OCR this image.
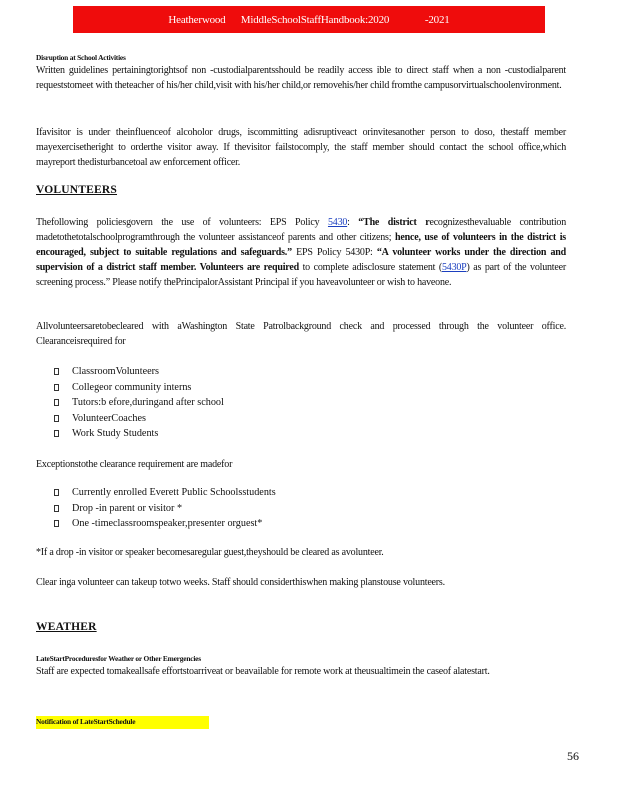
Heatherwood
MiddleSchoolStaffHandbook:2020
	-2021
Disruption at School Activities

Written guidelines pertainingtorightsof non -custodialparentsshould be readily access ible to direct staff when a non -custodialparent requeststomeet with theteacher of his/her child,visit with his/her child,or removehis/her child fromthe campusorvirtualschoolenvironment.

Ifavisitor is under theinfluenceof alcoholor drugs, iscommitting adisruptiveact orinvitesanother person to doso, thestaff member mayexercisetheright to orderthe visitor away. If thevisitor failstocomply, the staff member should contact the school office,which mayreport thedisturbancetoal aw enforcement officer.

VOLUNTEERS

Thefollowing policiesgovern the use of volunteers: EPS Policy 5430: “The district recognizesthevaluable contribution madetothetotalschoolprogramthrough the volunteer assistanceof parents and other citizens; hence, use of volunteers in the district is encouraged, subject to suitable regulations and safeguards.” EPS Policy 5430P: “A volunteer works under the direction and supervision of a district staff member. Volunteers are required to complete adisclosure statement (5430P) as part of the volunteer screening process.” Please notify thePrincipalorAssistant Principal if you haveavolunteer or wish to haveone.

Allvolunteersaretobecleared with aWashington State Patrolbackground check and processed through the volunteer office. Clearanceisrequired for

ClassroomVolunteers
Collegeor community interns
Tutors:b efore,duringand after school
VolunteerCoaches
Work Study Students

Exceptionstothe clearance requirement are madefor

Currently enrolled Everett Public Schoolsstudents
Drop -in parent or visitor *
One -timeclassroomspeaker,presenter orguest*

*If a drop -in visitor or speaker becomesaregular guest,theyshould be cleared as avolunteer.

Clear inga volunteer can takeup totwo weeks. Staff should considerthiswhen making planstouse volunteers.

WEATHER
LateStartProceduresfor Weather or Other Emergencies

Staff are expected tomakeallsafe effortstoarriveat or beavailable for remote work at theusualtimein the caseof alatestart.

Notification of LateStartSchedule
56
